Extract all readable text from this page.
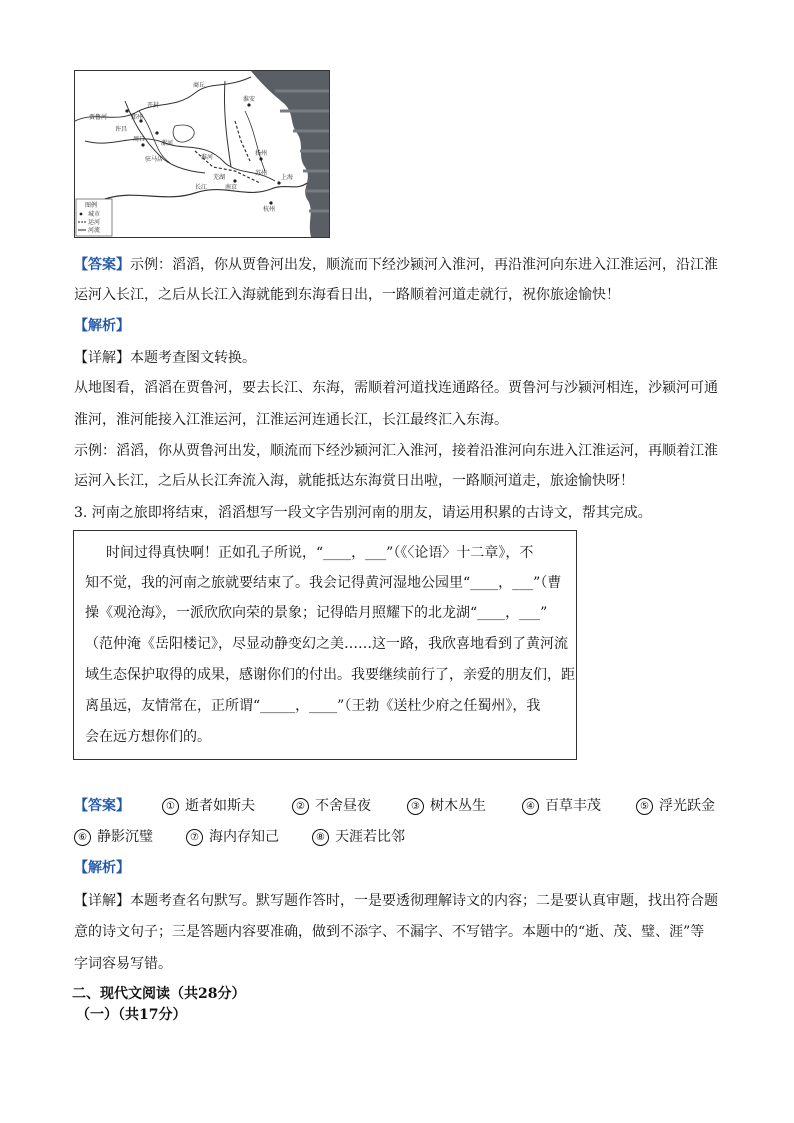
贾鲁河	郑州
开封
商丘
周口
许昌
漯河
驻马店
淮安
扬州
南京
上海
杭州
淮河
长江
苏州
芜湖
图例
城市
运河
河流
【答案】示例：滔滔，你从贾鲁河出发，顺流而下经沙颍河入淮河，再沿淮河向东进入江淮运河，沿江淮
运河入长江，之后从长江入海就能到东海看日出，一路顺着河道走就行，祝你旅途愉快！
【解析】
【详解】本题考查图文转换。
从地图看，滔滔在贾鲁河，要去长江、东海，需顺着河道找连通路径。贾鲁河与沙颍河相连，沙颍河可通
淮河，淮河能接入江淮运河，江淮运河连通长江，长江最终汇入东海。
示例：滔滔，你从贾鲁河出发，顺流而下经沙颍河汇入淮河，接着沿淮河向东进入江淮运河，再顺着江淮
运河入长江，之后从长江奔流入海，就能抵达东海赏日出啦，一路顺河道走，旅途愉快呀！
3. 河南之旅即将结束，滔滔想写一段文字告别河南的朋友，请运用积累的古诗文，帮其完成。
时间过得真快啊！正如孔子所说，“____，___”（《〈论语〉十二章》，不
知不觉，我的河南之旅就要结束了。我会记得黄河湿地公园里“____，___”（曹
操《观沧海》，一派欣欣向荣的景象；记得皓月照耀下的北龙湖“____，___”
（范仲淹《岳阳楼记》，尽显动静变幻之美……这一路，我欣喜地看到了黄河流
域生态保护取得的成果，感谢你们的付出。我要继续前行了，亲爱的朋友们，距
离虽远，友情常在，正所谓“_____，____”（王勃《送杜少府之任蜀州》，我
会在远方想你们的。
【答案】	① 逝者如斯夫	② 不舍昼夜	③ 树木丛生	④ 百草丰茂	⑤ 浮光跃金
⑥ 静影沉璧	⑦ 海内存知己	⑧ 天涯若比邻
【解析】
【详解】本题考查名句默写。默写题作答时，一是要透彻理解诗文的内容；二是要认真审题，找出符合题
意的诗文句子；三是答题内容要准确，做到不添字、不漏字、不写错字。本题中的“逝、茂、璧、涯”等
字词容易写错。
二、现代文阅读（共28分）
（一）（共17分）
